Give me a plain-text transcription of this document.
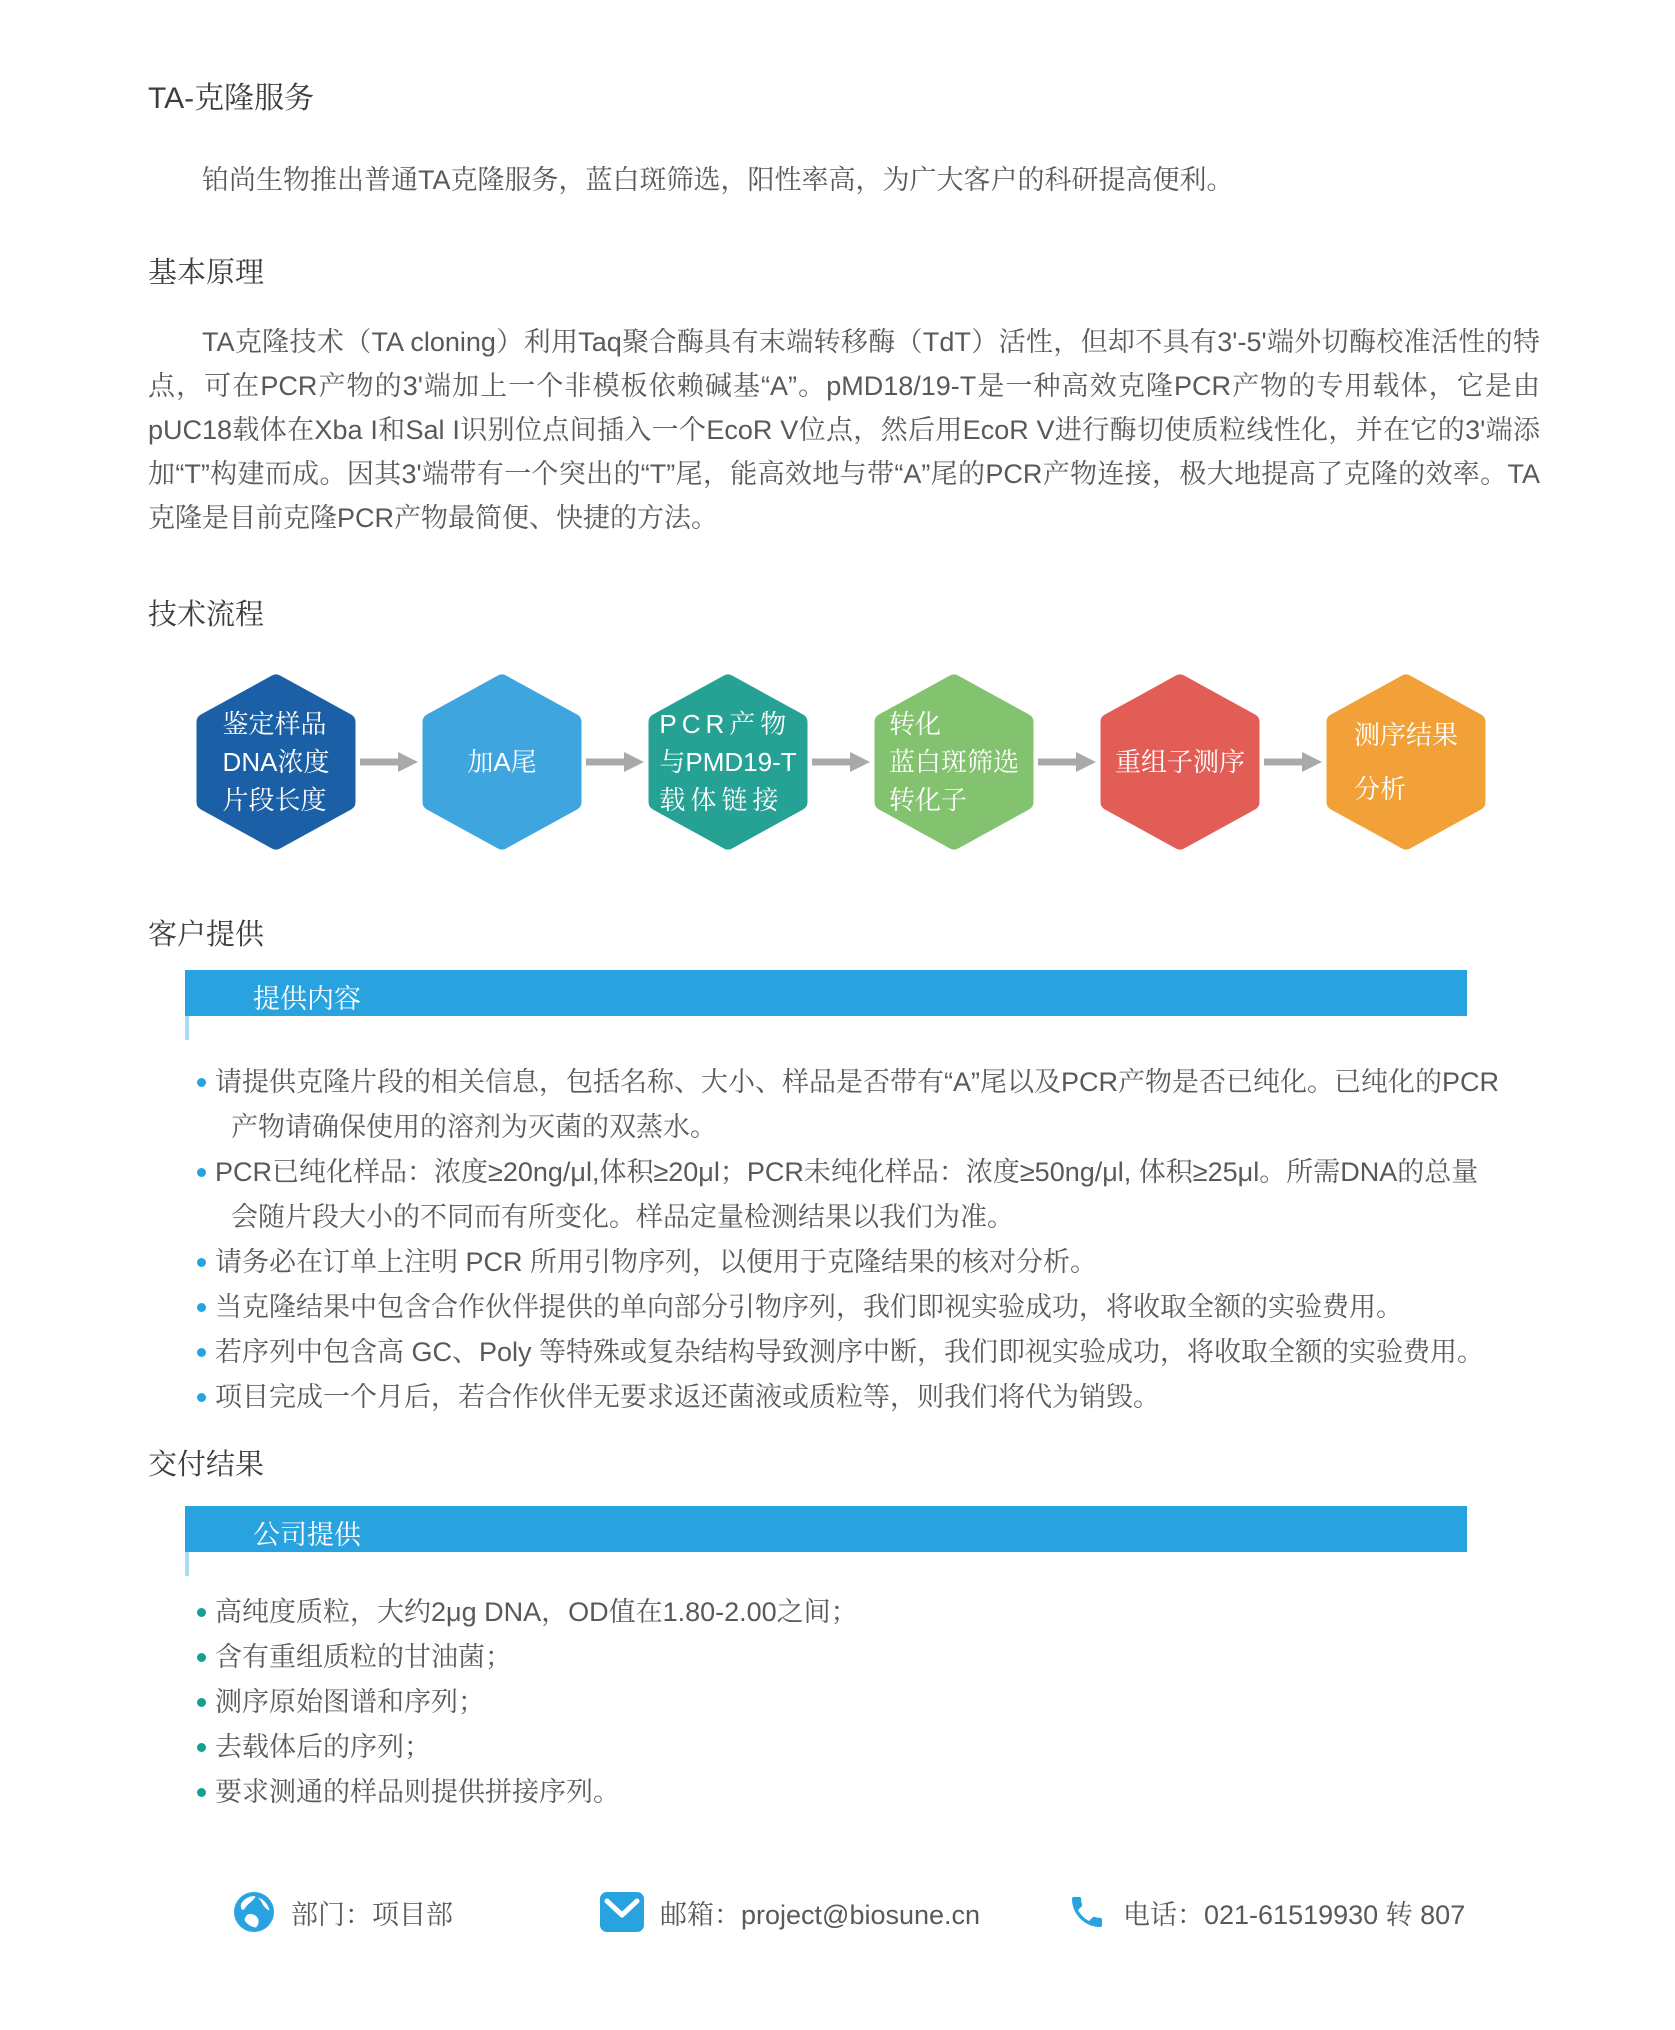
TA-克隆服务

铂尚生物推出普通TA克隆服务，蓝白斑筛选，阳性率高，为广大客户的科研提高便利。

基本原理

TA克隆技术（TA cloning）利用Taq聚合酶具有末端转移酶（TdT）活性，但却不具有3'-5'端外切酶校准活性的特点，可在PCR产物的3'端加上一个非模板依赖碱基“A”。pMD18/19-T是一种高效克隆PCR产物的专用载体，它是由pUC18载体在Xba I和Sal I识别位点间插入一个EcoR V位点，然后用EcoR V进行酶切使质粒线性化，并在它的3'端添加“T”构建而成。因其3'端带有一个突出的“T”尾，能高效地与带“A”尾的PCR产物连接，极大地提高了克隆的效率。TA克隆是目前克隆PCR产物最简便、快捷的方法。

技术流程
鉴定样品
DNA浓度
片段长度
加A尾
PCR产物
与PMD19-T
载体链接
转化
蓝白斑筛选
转化子
重组子测序
测序结果
分析
客户提供
提供内容
请提供克隆片段的相关信息，包括名称、大小、样品是否带有“A”尾以及PCR产物是否已纯化。已纯化的PCR产物请确保使用的溶剂为灭菌的双蒸水。
PCR已纯化样品：浓度≥20ng/μl,体积≥20μl；PCR未纯化样品：浓度≥50ng/μl, 体积≥25μl。所需DNA的总量会随片段大小的不同而有所变化。样品定量检测结果以我们为准。
请务必在订单上注明 PCR 所用引物序列，以便用于克隆结果的核对分析。
当克隆结果中包含合作伙伴提供的单向部分引物序列，我们即视实验成功，将收取全额的实验费用。
若序列中包含高 GC、Poly 等特殊或复杂结构导致测序中断，我们即视实验成功，将收取全额的实验费用。
项目完成一个月后，若合作伙伴无要求返还菌液或质粒等，则我们将代为销毁。
交付结果
公司提供
高纯度质粒，大约2μg DNA，OD值在1.80-2.00之间；
含有重组质粒的甘油菌；
测序原始图谱和序列；
去载体后的序列；
要求测通的样品则提供拼接序列。
部门：项目部	邮箱：project@biosune.cn	电话：021-61519930 转 807
